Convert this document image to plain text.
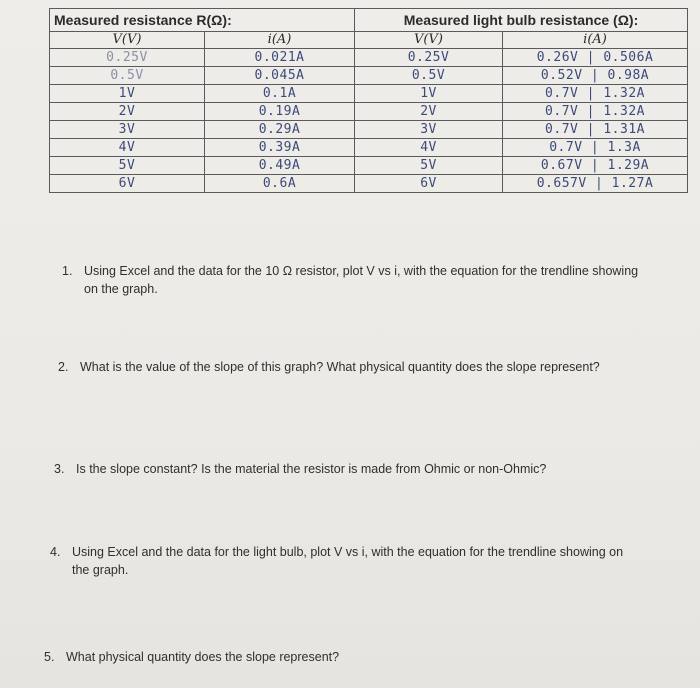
Measured resistance R(Ω):		Measured light bulb resistance (Ω):	
V(V)	i(A)	V(V)	i(A)
0.25V	0.021A	0.25V	0.26V | 0.506A
0.5V	0.045A	0.5V	0.52V | 0.98A
1V	0.1A	1V	0.7V | 1.32A
2V	0.19A	2V	0.7V | 1.32A
3V	0.29A	3V	0.7V | 1.31A
4V	0.39A	4V	0.7V | 1.3A
5V	0.49A	5V	0.67V | 1.29A
6V	0.6A	6V	0.657V | 1.27A
1. Using Excel and the data for the 10 Ω resistor, plot V vs i, with the equation for the trendline showing on the graph.
2. What is the value of the slope of this graph? What physical quantity does the slope represent?
3. Is the slope constant? Is the material the resistor is made from Ohmic or non-Ohmic?
4. Using Excel and the data for the light bulb, plot V vs i, with the equation for the trendline showing on the graph.
5. What physical quantity does the slope represent?
